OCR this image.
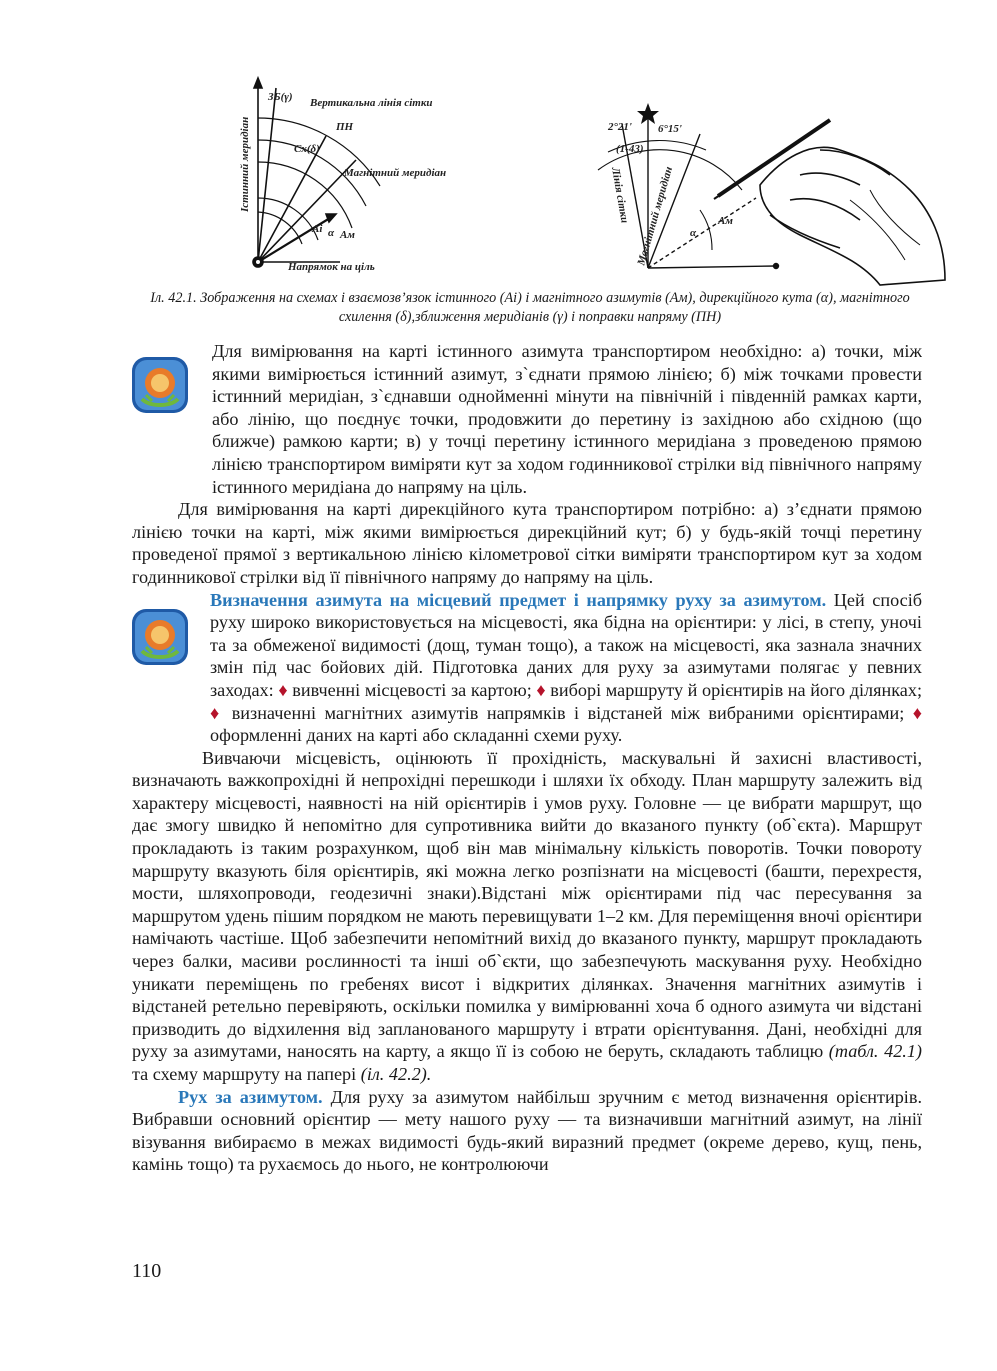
ЗБ(γ) Вертикальна лінія сітки
Істинний меридіан	ПН
Сх(δ)
Магнітний меридіан
Аі α Ам
Напрямок на ціль
2°21' 6°15'
(1-43)
Лінія сітки Магнітний меридіан	Ам
α
Іл. 42.1. Зображення на схемах і взаємозв’язок істинного (Аі) і магнітного азимутів (Ам), дирекційного кута (α), магнітного схилення (δ),зближення меридіанів (γ) і поправки напряму (ПН)

Для вимірювання на карті істинного азимута транспортиром необхідно: а) точки, між якими вимірюється істинний азимут, з`єднати прямою лінією; б) між точками провести істинний меридіан, з`єднавши однойменні мінути на північній і південній рамках карти, або лінію, що поєднує точки, продовжити до перетину із західною або східною (що ближче) рамкою карти; в) у точці перетину істинного меридіана з проведеною прямою лінією транспортиром виміряти кут за ходом годинникової стрілки від північного напряму істинного меридіана до напряму на ціль.

Для вимірювання на карті дирекційного кута транспортиром потрібно: а) з’єднати прямою лінією точки на карті, між якими вимірюється дирекційний кут; б) у будь-якій точці перетину проведеної прямої з вертикальною лінією кілометрової сітки виміряти транспортиром кут за ходом годинникової стрілки від її північного напряму до напряму на ціль.

Визначення азимута на місцевий предмет і напрямку руху за азимутом. Цей спосіб руху широко використовується на місцевості, яка бідна на орієнтири: у лісі, в степу, уночі та за обмеженої видимості (дощ, туман тощо), а також на місцевості, яка зазнала значних змін під час бойових дій. Підготовка даних для руху за азимутами полягає у певних заходах: ♦ вивченні місцевості за картою; ♦ виборі маршруту й орієнтирів на його ділянках; ♦ визначенні магнітних азимутів напрямків і відстаней між вибраними орієнтирами; ♦ оформленні даних на карті або складанні схеми руху.

Вивчаючи місцевість, оцінюють її прохідність, маскувальні й захисні властивості, визначають важкопрохідні й непрохідні перешкоди і шляхи їх обходу. План маршруту залежить від характеру місцевості, наявності на ній орієнтирів і умов руху. Головне — це вибрати маршрут, що дає змогу швидко й непомітно для супротивника вийти до вказаного пункту (об`єкта). Маршрут прокладають із таким розрахунком, щоб він мав мінімальну кількість поворотів. Точки повороту маршруту вказують біля орієнтирів, які можна легко розпізнати на місцевості (башти, перехрестя, мости, шляхопроводи, геодезичні знаки).Відстані між орієнтирами під час пересування за маршрутом удень пішим порядком не мають перевищувати 1–2 км. Для переміщення вночі орієнтири намічають частіше. Щоб забезпечити непомітний вихід до вказаного пункту, маршрут прокладають через балки, масиви рослинності та інші об`єкти, що забезпечують маскування руху. Необхідно уникати переміщень по гребенях висот і відкритих ділянках. Значення магнітних азимутів і відстаней ретельно перевіряють, оскільки помилка у вимірюванні хоча б одного азимута чи відстані призводить до відхилення від запланованого маршруту і втрати орієнтування. Дані, необхідні для руху за азимутами, наносять на карту, а якщо її із собою не беруть, складають таблицю (табл. 42.1) та схему маршруту на папері (іл. 42.2).

Рух за азимутом. Для руху за азимутом найбільш зручним є метод визначення орієнтирів. Вибравши основний орієнтир — мету нашого руху — та визначивши магнітний азимут, на лінії візування вибираємо в межах видимості будь-який виразний предмет (окреме дерево, кущ, пень, камінь тощо) та рухаємось до нього, не контролюючи

110
